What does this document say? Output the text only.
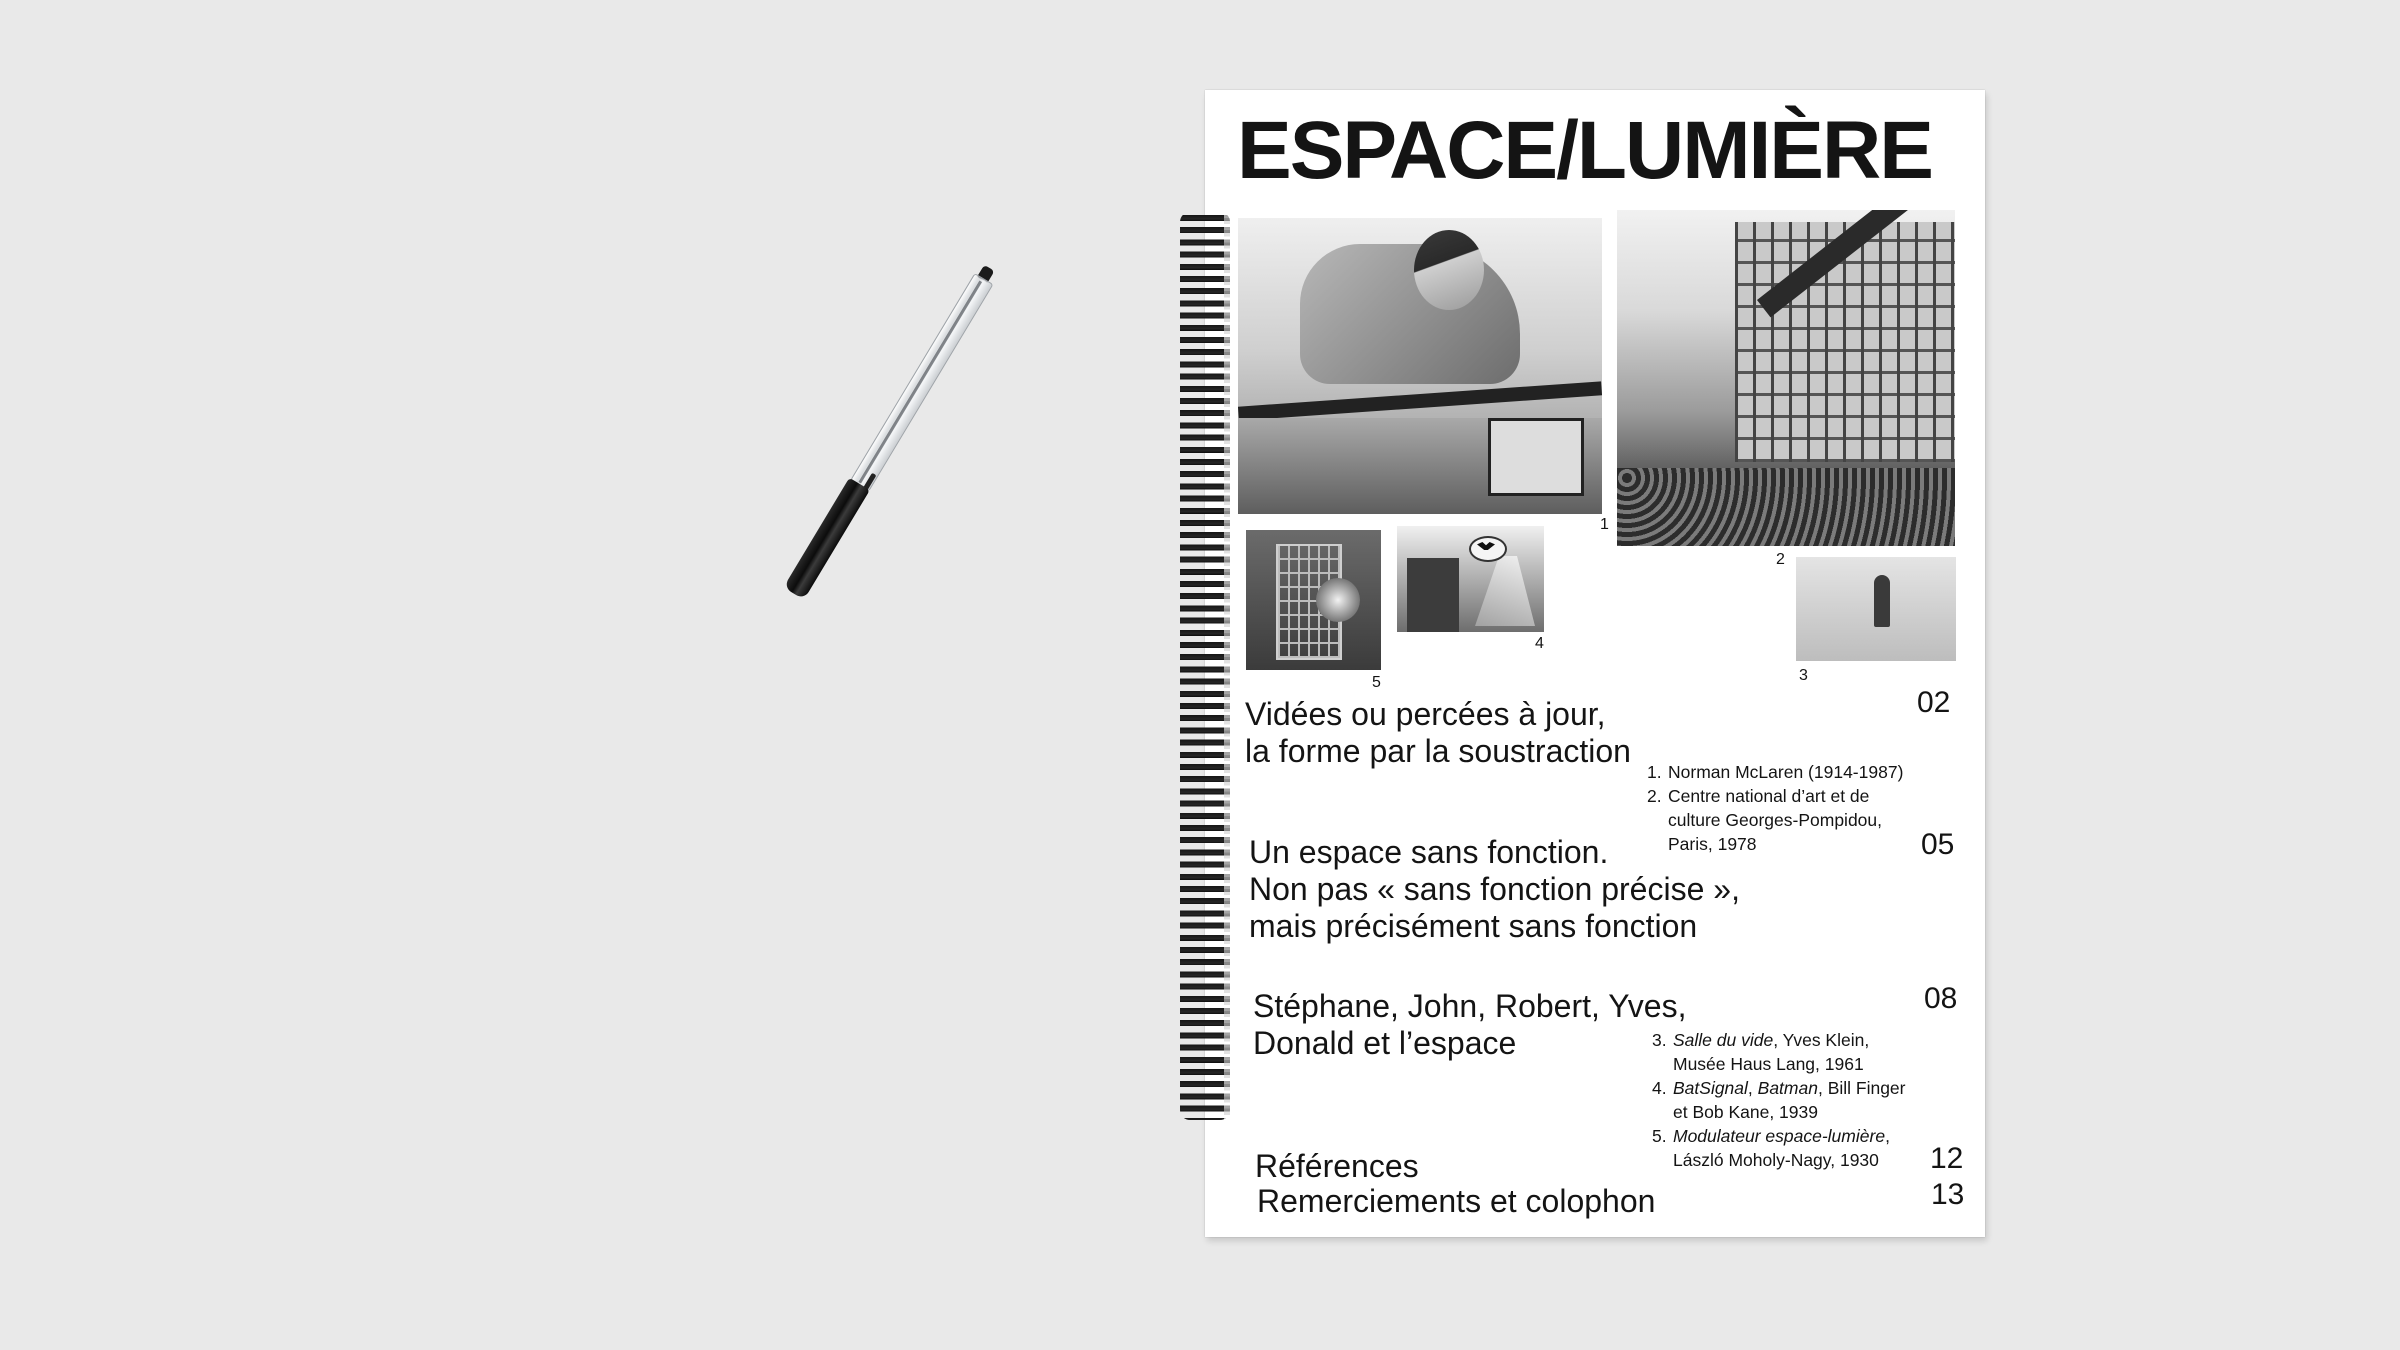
ESPACE/LUMIÈRE
1
2
3
4
5
Vidées ou percées à jour,
la forme par la soustraction
02
Un espace sans fonction.
Non pas « sans fonction précise »,
mais précisément sans fonction
05
Stéphane, John, Robert, Yves,
Donald et l’espace
08
Références	12
Remerciements et colophon	13
1. Norman McLaren (1914-1987)
2. Centre national d’art et de culture Georges-Pompidou, Paris, 1978
3. Salle du vide, Yves Klein, Musée Haus Lang, 1961
4. BatSignal, Batman, Bill Finger et Bob Kane, 1939
5. Modulateur espace-lumière, László Moholy-Nagy, 1930
